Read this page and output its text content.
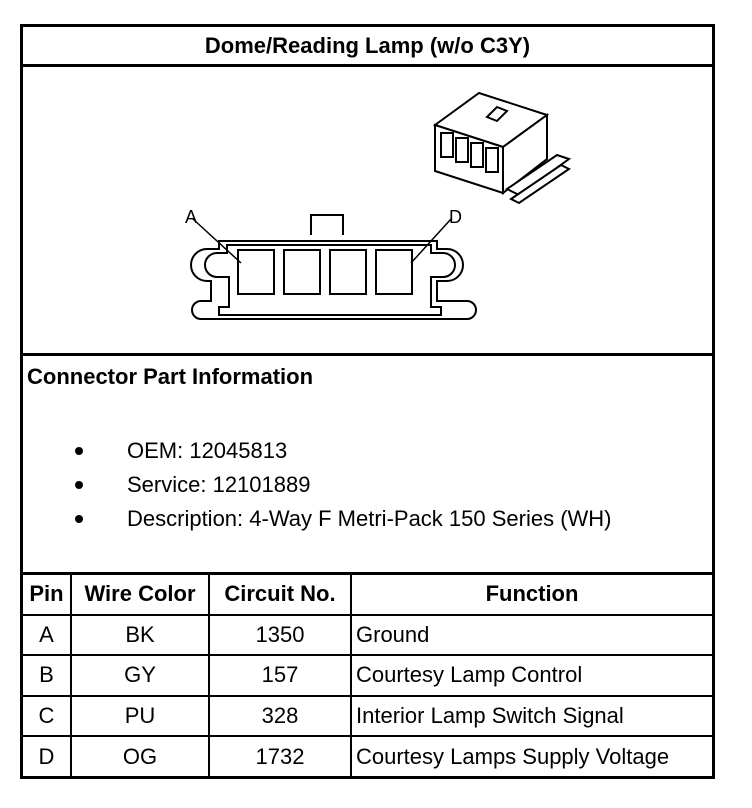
Dome/Reading Lamp (w/o C3Y)
A	D
Connector Part Information
OEM: 12045813
Service: 12101889
Description: 4-Way F Metri-Pack 150 Series (WH)
Pin	Wire Color	Circuit No.	Function
A	BK	1350	Ground
B	GY	157	Courtesy Lamp Control
C	PU	328	Interior Lamp Switch Signal
D	OG	1732	Courtesy Lamps Supply Voltage
